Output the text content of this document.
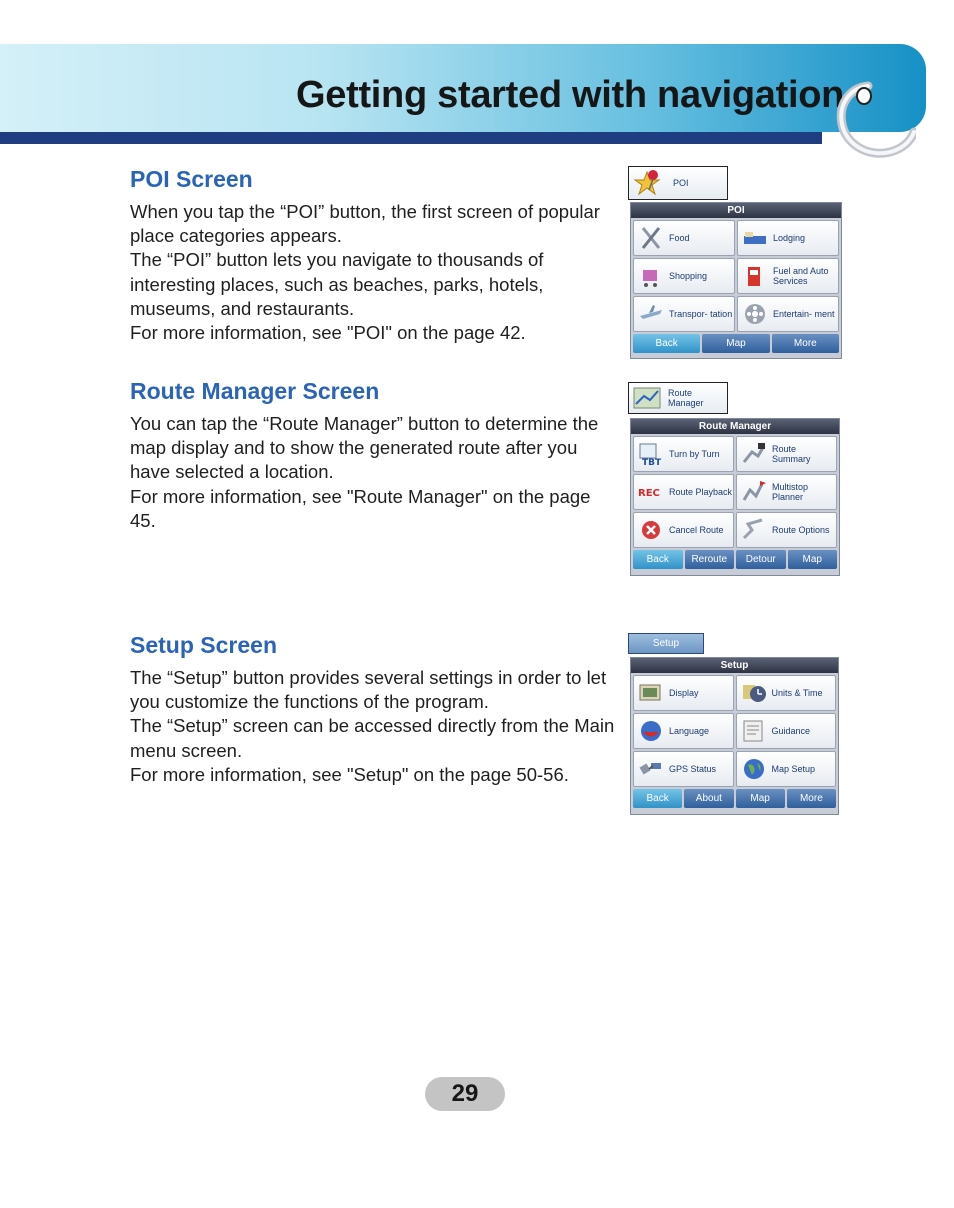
Getting started with navigation
POI Screen

When you tap the “POI” button, the first screen of popular place categories appears.

The “POI” button lets you navigate to thousands of interesting places, such as beaches, parks, hotels, museums, and restaurants.

For more information, see "POI" on the page 42.

POI
POI
Food	Lodging
Shopping	Fuel and Auto Services
Transpor- tation	Entertain- ment
Back	Map	More
Route Manager Screen

You can tap the “Route Manager” button to determine the map display and to show the generated route after you have selected a location.

For more information, see "Route Manager" on the page 45.

Route Manager
Route Manager
TBT
Turn by Turn	Route Summary
REC Route Playback	Multistop Planner
Cancel Route	Route Options
Back	Reroute	Detour	Map
Setup Screen

The “Setup” button provides several settings in order to let you customize the functions of the program.

The “Setup” screen can be accessed directly from the Main menu screen.

For more information, see "Setup" on the page 50-56.

Setup
Setup
Display	Units & Time
Language	Guidance
GPS Status	Map Setup
Back	About	Map	More
29
